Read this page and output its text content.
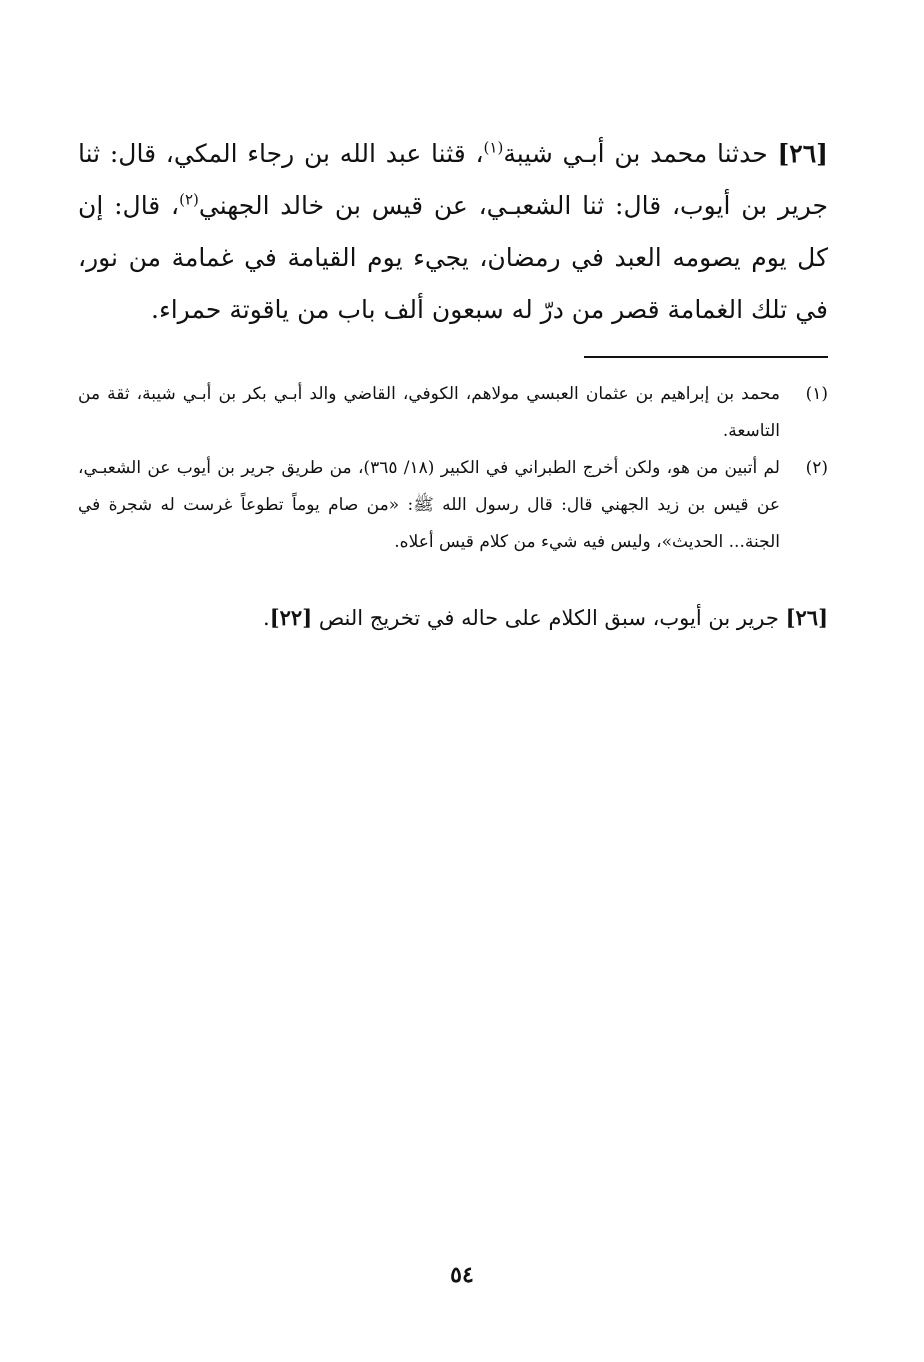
[٢٦] حدثنا محمد بن أبـي شيبة$^{(١)}$، قثنا عبد الله بن رجاء المكي، قال: ثنا جرير بن أيوب، قال: ثنا الشعبـي، عن قيس بن خالد الجهني$^{(٢)}$، قال: إن كل يوم يصومه العبد في رمضان، يجيء يوم القيامة في غمامة من نور، في تلك الغمامة قصر من درّ له سبعون ألف باب من ياقوتة حمراء.
(١)
محمد بن إبراهيم بن عثمان العبسي مولاهم، الكوفي، القاضي والد أبـي بكر بن أبـي شيبة، ثقة من التاسعة.
(٢)
لم أتبين من هو، ولكن أخرج الطبراني في الكبير (١٨/ ٣٦٥)، من طريق جرير بن أيوب عن الشعبـي، عن قيس بن زيد الجهني قال: قال رسول الله ﷺ: «من صام يوماً تطوعاً غرست له شجرة في الجنة... الحديث»، وليس فيه شيء من كلام قيس أعلاه.
[٢٦] جرير بن أيوب، سبق الكلام على حاله في تخريج النص [٢٢].
٥٤
